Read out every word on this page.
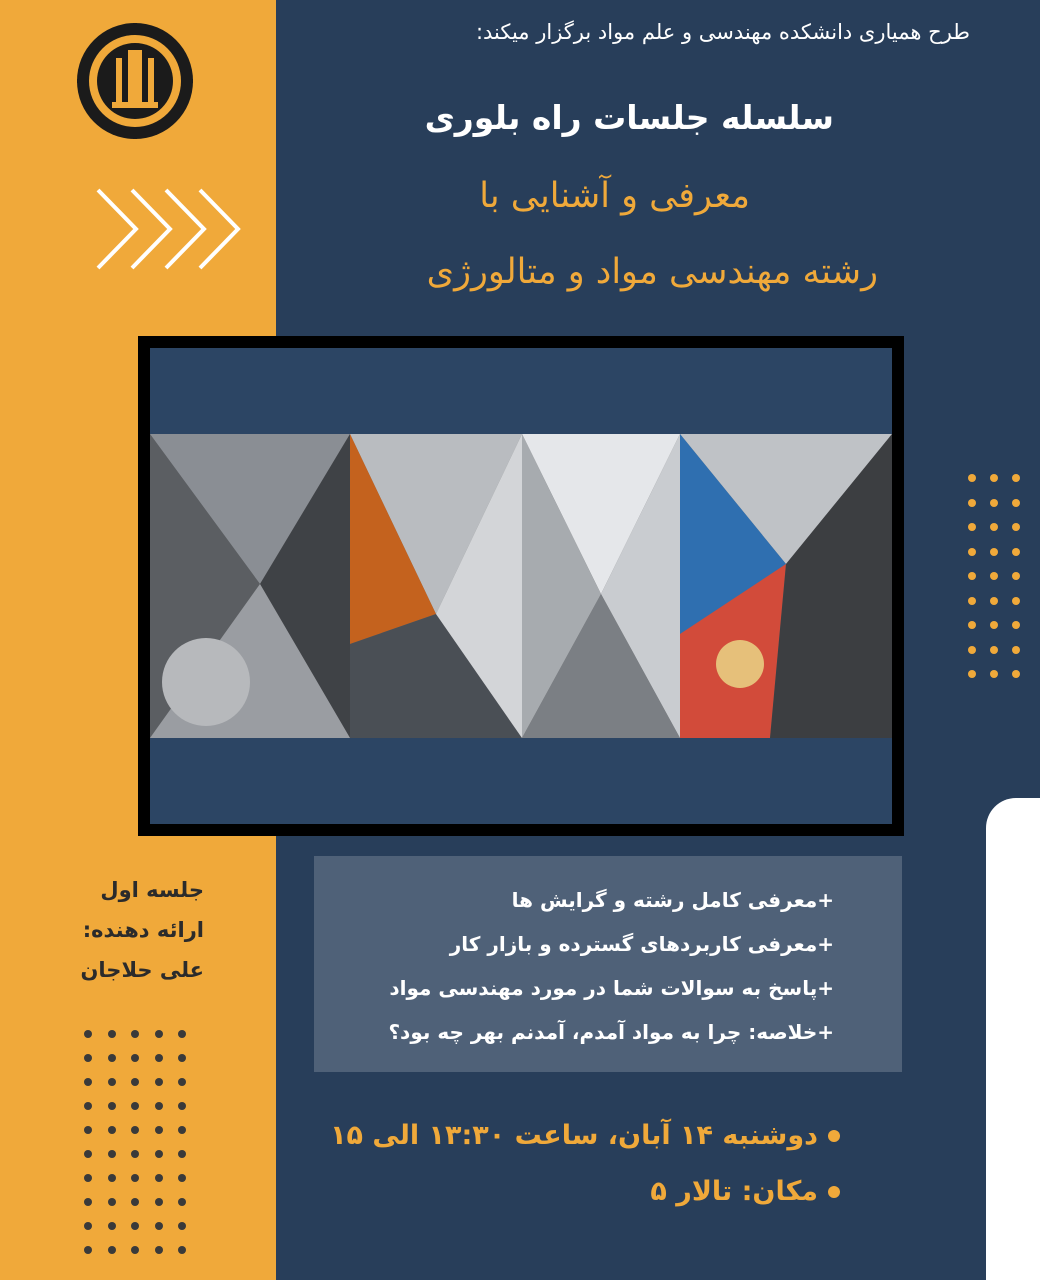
طرح همیاری دانشکده مهندسی و علم مواد برگزار میکند:
سلسله جلسات راه بلوری
معرفی و آشنایی با
رشته مهندسی مواد و متالورژی
جلسه اول
ارائه دهنده:
علی حلاجان
+معرفی کامل رشته و گرایش ها
+معرفی کاربردهای گسترده و بازار کار
+پاسخ به سوالات شما در مورد مهندسی مواد
+خلاصه: چرا به مواد آمدم، آمدنم بهر چه بود؟
دوشنبه ۱۴ آبان، ساعت ۱۳:۳۰ الی ۱۵
مکان: تالار ۵
